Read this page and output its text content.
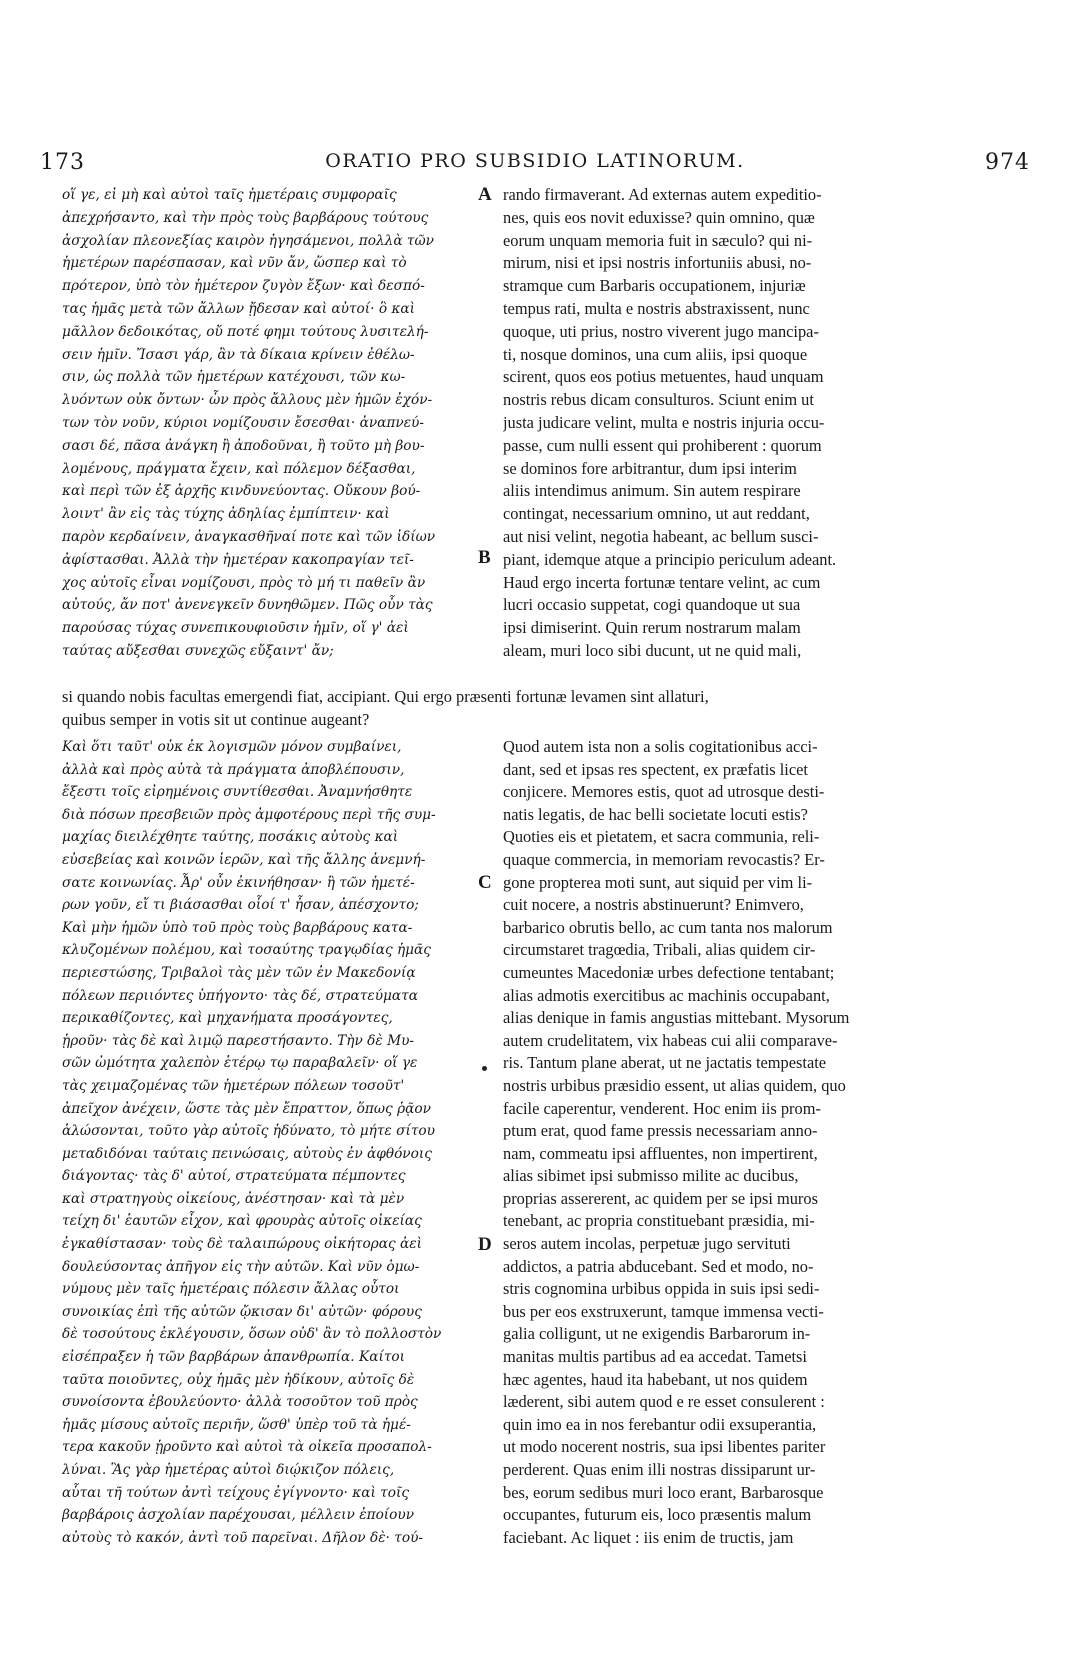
173	ORATIO PRO SUBSIDIO LATINORUM.	974
A
B
C
D
οἵ γε, εἰ μὴ καὶ αὐτοὶ ταῖς ἡμετέραις συμφοραῖς
ἀπεχρήσαντο, καὶ τὴν πρὸς τοὺς βαρβάρους τούτους
ἀσχολίαν πλεονεξίας καιρὸν ἡγησάμενοι, πολλὰ τῶν
ἡμετέρων παρέσπασαν, καὶ νῦν ἄν, ὥσπερ καὶ τὸ
πρότερον, ὑπὸ τὸν ἡμέτερον ζυγὸν ἔξων· καὶ δεσπό-
τας ἡμᾶς μετὰ τῶν ἄλλων ᾔδεσαν καὶ αὐτοί· ὃ καὶ
μᾶλλον δεδοικότας, οὔ ποτέ φημι τούτους λυσιτελή-
σειν ἡμῖν. Ἴσασι γάρ, ἂν τὰ δίκαια κρίνειν ἐθέλω-
σιν, ὡς πολλὰ τῶν ἡμετέρων κατέχουσι, τῶν κω-
λυόντων οὐκ ὄντων· ὧν πρὸς ἄλλους μὲν ἡμῶν ἐχόν-
των τὸν νοῦν, κύριοι νομίζουσιν ἔσεσθαι· ἀναπνεύ-
σασι δέ, πᾶσα ἀνάγκη ἢ ἀποδοῦναι, ἢ τοῦτο μὴ βου-
λομένους, πράγματα ἔχειν, καὶ πόλεμον δέξασθαι,
καὶ περὶ τῶν ἐξ ἀρχῆς κινδυνεύοντας. Οὔκουν βού-
λοιντ' ἂν εἰς τὰς τύχης ἀδηλίας ἐμπίπτειν· καὶ
παρὸν κερδαίνειν, ἀναγκασθῆναί ποτε καὶ τῶν ἰδίων
ἀφίστασθαι. Ἀλλὰ τὴν ἡμετέραν κακοπραγίαν τεῖ-
χος αὐτοῖς εἶναι νομίζουσι, πρὸς τὸ μή τι παθεῖν ἂν
αὐτούς, ἄν ποτ' ἀνενεγκεῖν δυνηθῶμεν. Πῶς οὖν τὰς
παρούσας τύχας συνεπικουφιοῦσιν ἡμῖν, οἵ γ' ἀεὶ
ταύτας αὔξεσθαι συνεχῶς εὔξαιντ' ἄν;
rando firmaverant. Ad externas autem expeditio-
nes, quis eos novit eduxisse? quin omnino, quæ
eorum unquam memoria fuit in sæculo? qui ni-
mirum, nisi et ipsi nostris infortuniis abusi, no-
stramque cum Barbaris occupationem, injuriæ
tempus rati, multa e nostris abstraxissent, nunc
quoque, uti prius, nostro viverent jugo mancipa-
ti, nosque dominos, una cum aliis, ipsi quoque
scirent, quos eos potius metuentes, haud unquam
nostris rebus dicam consulturos. Sciunt enim ut
justa judicare velint, multa e nostris injuria occu-
passe, cum nulli essent qui prohiberent : quorum
se dominos fore arbitrantur, dum ipsi interim
aliis intendimus animum. Sin autem respirare
contingat, necessarium omnino, ut aut reddant,
aut nisi velint, negotia habeant, ac bellum susci-
piant, idemque atque a principio periculum adeant.
Haud ergo incerta fortunæ tentare velint, ac cum
lucri occasio suppetat, cogi quandoque ut sua
ipsi dimiserint. Quin rerum nostrarum malam
aleam, muri loco sibi ducunt, ut ne quid mali,
si quando nobis facultas emergendi fiat, accipiant. Qui ergo præsenti fortunæ levamen sint allaturi,
quibus semper in votis sit ut continue augeant?
Καὶ ὅτι ταῦτ' οὐκ ἐκ λογισμῶν μόνον συμβαίνει,
ἀλλὰ καὶ πρὸς αὐτὰ τὰ πράγματα ἀποβλέπουσιν,
ἔξεστι τοῖς εἰρημένοις συντίθεσθαι. Ἀναμνήσθητε
διὰ πόσων πρεσβειῶν πρὸς ἀμφοτέρους περὶ τῆς συμ-
μαχίας διειλέχθητε ταύτης, ποσάκις αὐτοὺς καὶ
εὐσεβείας καὶ κοινῶν ἱερῶν, καὶ τῆς ἄλλης ἀνεμνή-
σατε κοινωνίας. Ἆρ' οὖν ἐκινήθησαν· ἢ τῶν ἡμετέ-
ρων γοῦν, εἴ τι βιάσασθαι οἷοί τ' ἦσαν, ἀπέσχοντο;
Καὶ μὴν ἡμῶν ὑπὸ τοῦ πρὸς τοὺς βαρβάρους κατα-
κλυζομένων πολέμου, καὶ τοσαύτης τραγῳδίας ἡμᾶς
περιεστώσης, Τριβαλοὶ τὰς μὲν τῶν ἐν Μακεδονίᾳ
πόλεων περιιόντες ὑπήγοντο· τὰς δέ, στρατεύματα
περικαθίζοντες, καὶ μηχανήματα προσάγοντες,
ᾑροῦν· τὰς δὲ καὶ λιμῷ παρεστήσαντο. Τὴν δὲ Μυ-
σῶν ὠμότητα χαλεπὸν ἑτέρῳ τῳ παραβαλεῖν· οἵ γε
τὰς χειμαζομένας τῶν ἡμετέρων πόλεων τοσοῦτ'
ἀπεῖχον ἀνέχειν, ὥστε τὰς μὲν ἔπραττον, ὅπως ῥᾷον
ἁλώσονται, τοῦτο γὰρ αὐτοῖς ἡδύνατο, τὸ μήτε σίτου
μεταδιδόναι ταύταις πεινώσαις, αὐτοὺς ἐν ἀφθόνοις
διάγοντας· τὰς δ' αὐτοί, στρατεύματα πέμποντες
καὶ στρατηγοὺς οἰκείους, ἀνέστησαν· καὶ τὰ μὲν
τείχη δι' ἑαυτῶν εἶχον, καὶ φρουρὰς αὐτοῖς οἰκείας
ἐγκαθίστασαν· τοὺς δὲ ταλαιπώρους οἰκήτορας ἀεὶ
δουλεύσοντας ἀπῆγον εἰς τὴν αὐτῶν. Καὶ νῦν ὁμω-
νύμους μὲν ταῖς ἡμετέραις πόλεσιν ἄλλας οὗτοι
συνοικίας ἐπὶ τῆς αὐτῶν ᾤκισαν δι' αὐτῶν· φόρους
δὲ τοσούτους ἐκλέγουσιν, ὅσων οὐδ' ἂν τὸ πολλοστὸν
εἰσέπραξεν ἡ τῶν βαρβάρων ἀπανθρωπία. Καίτοι
ταῦτα ποιοῦντες, οὐχ ἡμᾶς μὲν ἠδίκουν, αὐτοῖς δὲ
συνοίσοντα ἐβουλεύοντο· ἀλλὰ τοσοῦτον τοῦ πρὸς
ἡμᾶς μίσους αὐτοῖς περιῆν, ὥσθ' ὑπὲρ τοῦ τὰ ἡμέ-
τερα κακοῦν ᾑροῦντο καὶ αὐτοὶ τὰ οἰκεῖα προσαπολ-
λύναι. Ἃς γὰρ ἡμετέρας αὐτοὶ διῴκιζον πόλεις,
αὗται τῆ τούτων ἀντὶ τείχους ἐγίγνοντο· καὶ τοῖς
βαρβάροις ἀσχολίαν παρέχουσαι, μέλλειν ἐποίουν
αὐτοὺς τὸ κακόν, ἀντὶ τοῦ παρεῖναι. Δῆλον δὲ· τού-
Quod autem ista non a solis cogitationibus acci-
dant, sed et ipsas res spectent, ex præfatis licet
conjicere. Memores estis, quot ad utrosque desti-
natis legatis, de hac belli societate locuti estis?
Quoties eis et pietatem, et sacra communia, reli-
quaque commercia, in memoriam revocastis? Er-
gone propterea moti sunt, aut siquid per vim li-
cuit nocere, a nostris abstinuerunt? Enimvero,
barbarico obrutis bello, ac cum tanta nos malorum
circumstaret tragœdia, Tribali, alias quidem cir-
cumeuntes Macedoniæ urbes defectione tentabant;
alias admotis exercitibus ac machinis occupabant,
alias denique in famis angustias mittebant. Mysorum
autem crudelitatem, vix habeas cui alii comparave-
ris. Tantum plane aberat, ut ne jactatis tempestate
nostris urbibus præsidio essent, ut alias quidem, quo
facile caperentur, venderent. Hoc enim iis prom-
ptum erat, quod fame pressis necessariam anno-
nam, commeatu ipsi affluentes, non impertirent,
alias sibimet ipsi submisso milite ac ducibus,
proprias assererent, ac quidem per se ipsi muros
tenebant, ac propria constituebant præsidia, mi-
seros autem incolas, perpetuæ jugo servituti
addictos, a patria abducebant. Sed et modo, no-
stris cognomina urbibus oppida in suis ipsi sedi-
bus per eos exstruxerunt, tamque immensa vecti-
galia colligunt, ut ne exigendis Barbarorum in-
manitas multis partibus ad ea accedat. Tametsi
hæc agentes, haud ita habebant, ut nos quidem
læderent, sibi autem quod e re esset consulerent :
quin imo ea in nos ferebantur odii exsuperantia,
ut modo nocerent nostris, sua ipsi libentes pariter
perderent. Quas enim illi nostras dissiparunt ur-
bes, eorum sedibus muri loco erant, Barbarosque
occupantes, futurum eis, loco præsentis malum
faciebant. Ac liquet : iis enim de tructis, jam
